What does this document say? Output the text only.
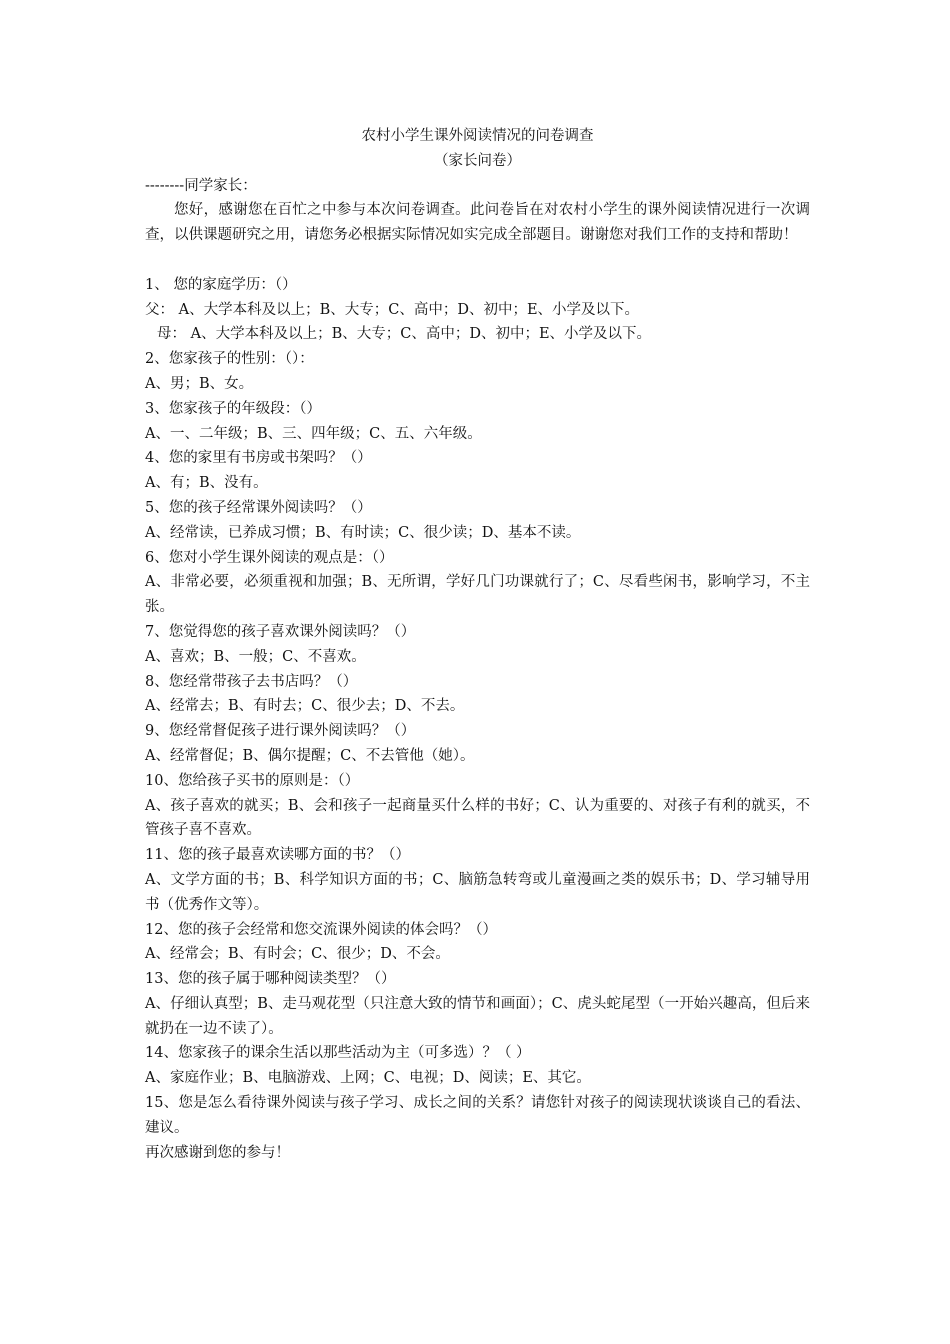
农村小学生课外阅读情况的问卷调查
（家长问卷）

--------同学家长：

您好，感谢您在百忙之中参与本次问卷调查。此问卷旨在对农村小学生的课外阅读情况进行一次调查，以供课题研究之用，请您务必根据实际情况如实完成全部题目。谢谢您对我们工作的支持和帮助！

1、 您的家庭学历：（）

父： A、大学本科及以上；B、大专；C、高中；D、初中；E、小学及以下。

母： A、大学本科及以上；B、大专；C、高中；D、初中；E、小学及以下。

2、您家孩子的性别：（）：

A、男；B、女。

3、您家孩子的年级段：（）

A、一、二年级；B、三、四年级；C、五、六年级。

4、您的家里有书房或书架吗？（）

A、有；B、没有。

5、您的孩子经常课外阅读吗？（）

A、经常读，已养成习惯；B、有时读；C、很少读；D、基本不读。

6、您对小学生课外阅读的观点是：（）

A、非常必要，必须重视和加强；B、无所谓，学好几门功课就行了；C、尽看些闲书，影响学习，不主张。

7、您觉得您的孩子喜欢课外阅读吗？（）

A、喜欢；B、一般；C、不喜欢。

8、您经常带孩子去书店吗？（）

A、经常去；B、有时去；C、很少去；D、不去。

9、您经常督促孩子进行课外阅读吗？（）

A、经常督促；B、偶尔提醒；C、不去管他（她）。

10、您给孩子买书的原则是：（）

A、孩子喜欢的就买；B、会和孩子一起商量买什么样的书好；C、认为重要的、对孩子有利的就买，不管孩子喜不喜欢。

11、您的孩子最喜欢读哪方面的书？（）

A、文学方面的书；B、科学知识方面的书；C、脑筋急转弯或儿童漫画之类的娱乐书；D、学习辅导用书（优秀作文等）。

12、您的孩子会经常和您交流课外阅读的体会吗？（）

A、经常会；B、有时会；C、很少；D、不会。

13、您的孩子属于哪种阅读类型？（）

A、仔细认真型；B、走马观花型（只注意大致的情节和画面）；C、虎头蛇尾型（一开始兴趣高，但后来就扔在一边不读了）。

14、您家孩子的课余生活以那些活动为主（可多选）？（ ）

A、家庭作业；B、电脑游戏、上网；C、电视；D、阅读；E、其它。

15、您是怎么看待课外阅读与孩子学习、成长之间的关系？请您针对孩子的阅读现状谈谈自己的看法、建议。

再次感谢到您的参与！
